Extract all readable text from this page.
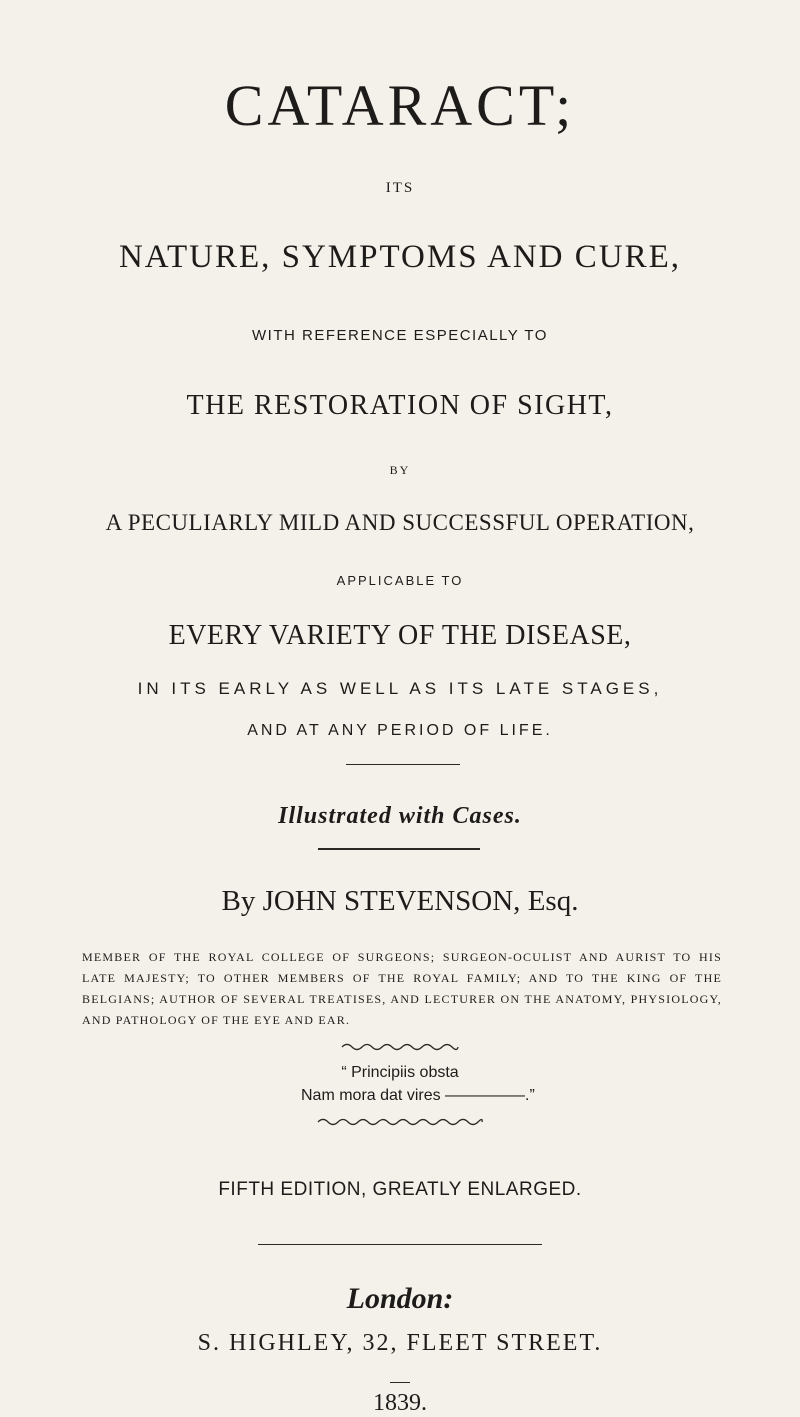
CATARACT;
ITS
NATURE, SYMPTOMS AND CURE,
WITH REFERENCE ESPECIALLY TO
THE RESTORATION OF SIGHT,
BY
A PECULIARLY MILD AND SUCCESSFUL OPERATION,
APPLICABLE TO
EVERY VARIETY OF THE DISEASE,
IN ITS EARLY AS WELL AS ITS LATE STAGES,
AND AT ANY PERIOD OF LIFE.
Illustrated with Cases.
By JOHN STEVENSON, Esq.
MEMBER OF THE ROYAL COLLEGE OF SURGEONS; SURGEON-OCULIST AND AURIST TO HIS LATE MAJESTY; TO OTHER MEMBERS OF THE ROYAL FAMILY; AND TO THE KING OF THE BELGIANS; AUTHOR OF SEVERAL TREATISES, AND LECTURER ON THE ANATOMY, PHYSIOLOGY, AND PATHOLOGY OF THE EYE AND EAR.
“ Principiis obsta
Nam mora dat vires —————.”
FIFTH EDITION, GREATLY ENLARGED.
London:
S. HIGHLEY, 32, FLEET STREET.
1839.
